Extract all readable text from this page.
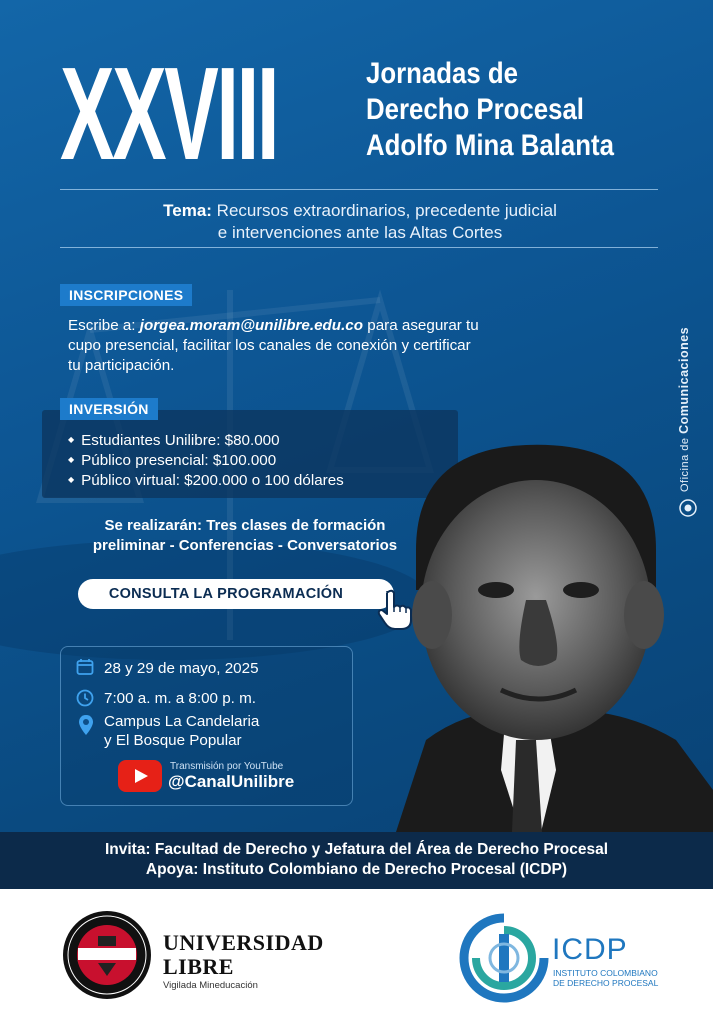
XXVIII	Jornadas de
Derecho Procesal
Adolfo Mina Balanta
Tema: Recursos extraordinarios, precedente judicial
e intervenciones ante las Altas Cortes
INSCRIPCIONES
Escribe a: jorgea.moram@unilibre.edu.co para asegurar tu
cupo presencial, facilitar los canales de conexión y certificar
tu participación.
INVERSIÓN
◆ Estudiantes Unilibre: $80.000
◆ Público presencial: $100.000
◆ Público virtual: $200.000 o 100 dólares
Se realizarán: Tres clases de formación
preliminar - Conferencias - Conversatorios
CONSULTA LA PROGRAMACIÓN
28 y 29 de mayo, 2025
7:00 a. m. a 8:00 p. m.
Campus La Candelaria
y El Bosque Popular
Transmisión por YouTube
@CanalUnilibre
Oficina de Comunicaciones
Invita: Facultad de Derecho y Jefatura del Área de Derecho Procesal
Apoya: Instituto Colombiano de Derecho Procesal (ICDP)
UNIVERSIDAD
LIBRE
Vigilada Mineducación
ICDP
INSTITUTO COLOMBIANO
DE DERECHO PROCESAL
